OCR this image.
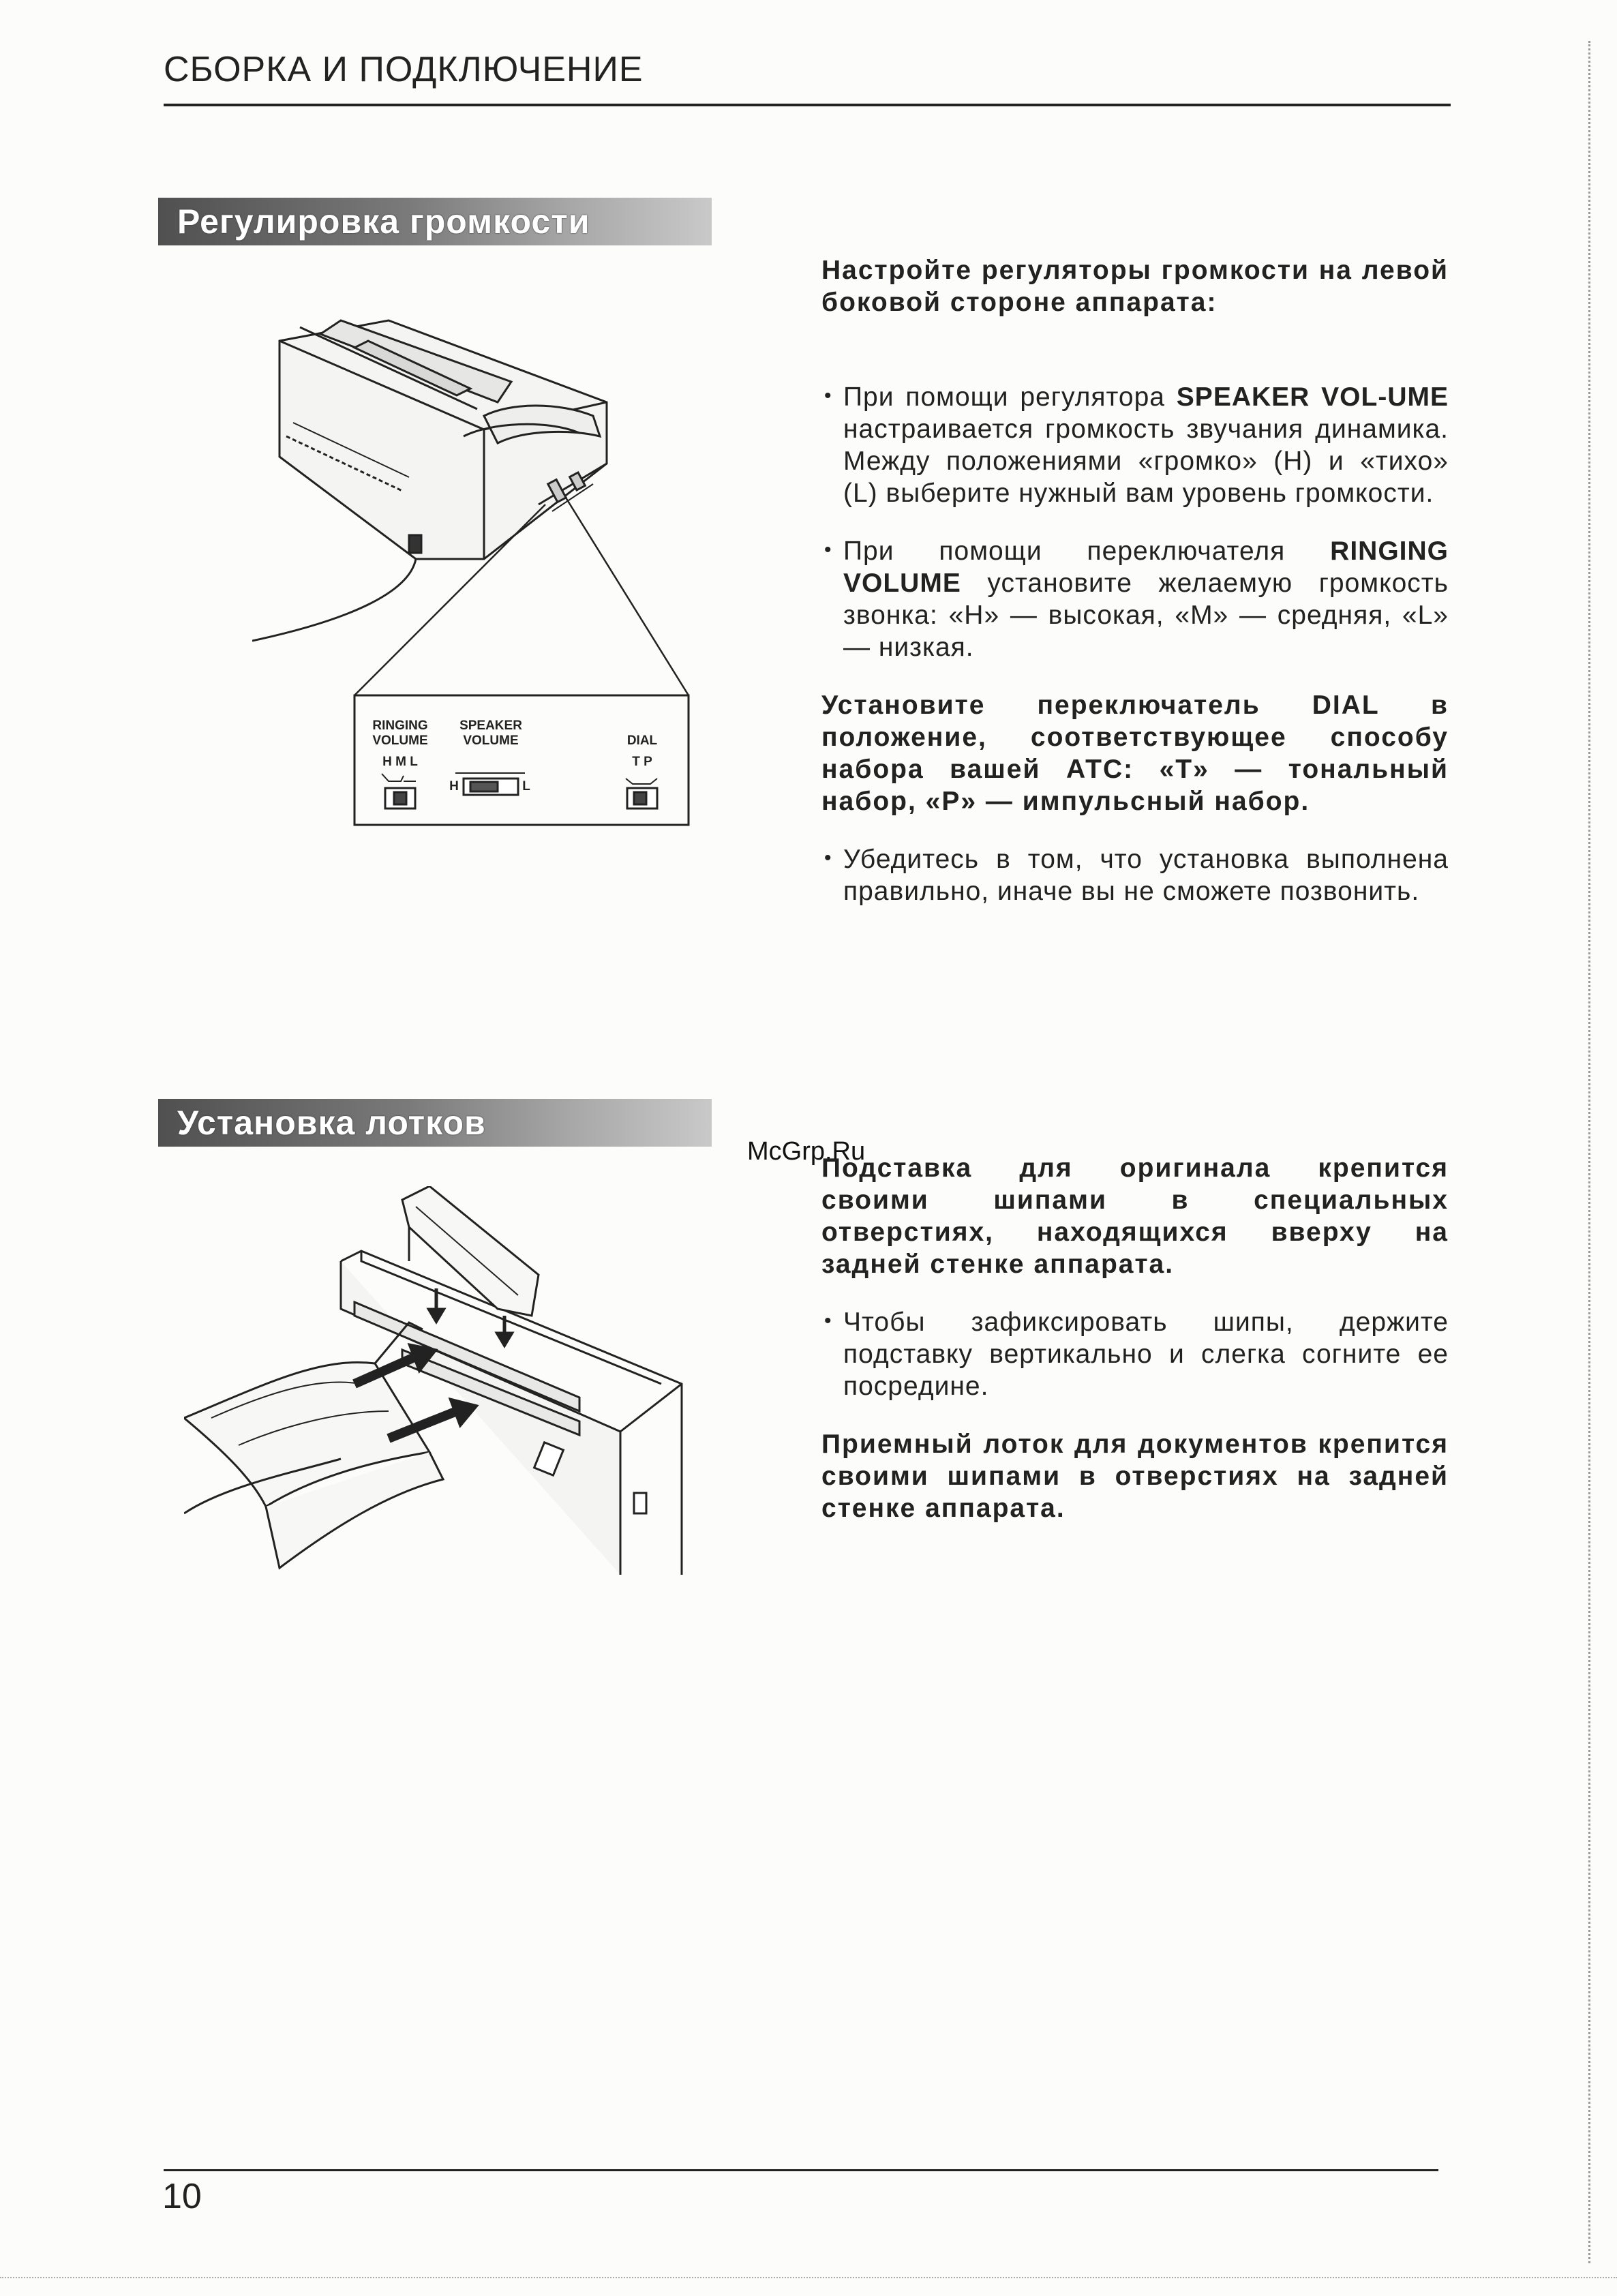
СБОРКА И ПОДКЛЮЧЕНИЕ
Регулировка громкости
RINGING
VOLUME
H M L
SPEAKER
VOLUME
H	L
DIAL
T P

Настройте регуляторы громкости на левой боковой стороне аппарата:

• При помощи регулятора SPEAKER VOL-UME настраивается громкость звучания динамика. Между положениями «громко» (H) и «тихо» (L) выберите нужный вам уровень громкости.

• При помощи переключателя RINGING VOLUME установите желаемую громкость звонка: «H» — высокая, «M» — средняя, «L» — низкая.

Установите переключатель DIAL в положение, соответствующее способу набора вашей АТС: «T» — тональный набор, «P» — импульсный набор.

• Убедитесь в том, что установка выполнена правильно, иначе вы не сможете позвонить.

Установка лотков
McGrp.Ru

Подставка для оригинала крепится своими шипами в специальных отверстиях, находящихся вверху на задней стенке аппарата.

• Чтобы зафиксировать шипы, держите подставку вертикально и слегка согните ее посредине.

Приемный лоток для документов крепится своими шипами в отверстиях на задней стенке аппарата.

10
